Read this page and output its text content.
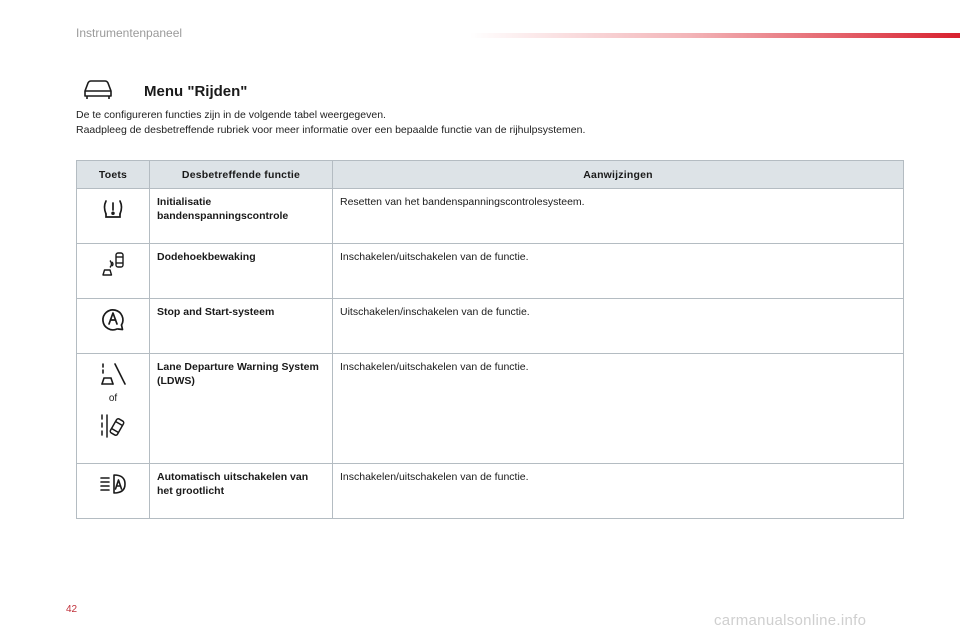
Instrumentenpaneel
Menu "Rijden"
De te configureren functies zijn in de volgende tabel weergegeven.
Raadpleeg de desbetreffende rubriek voor meer informatie over een bepaalde functie van de rijhulpsystemen.
Toets	Desbetreffende functie	Aanwijzingen

	Initialisatie bandenspanningscontrole	Resetten van het bandenspanningscontrolesysteem.

	Dodehoekbewaking	Inschakelen/uitschakelen van de functie.

	Stop and Start-systeem	Uitschakelen/inschakelen van de functie.

of	Lane Departure Warning System (LDWS)	Inschakelen/uitschakelen van de functie.

	Automatisch uitschakelen van het grootlicht	Inschakelen/uitschakelen van de functie.
42
carmanualsonline.info
